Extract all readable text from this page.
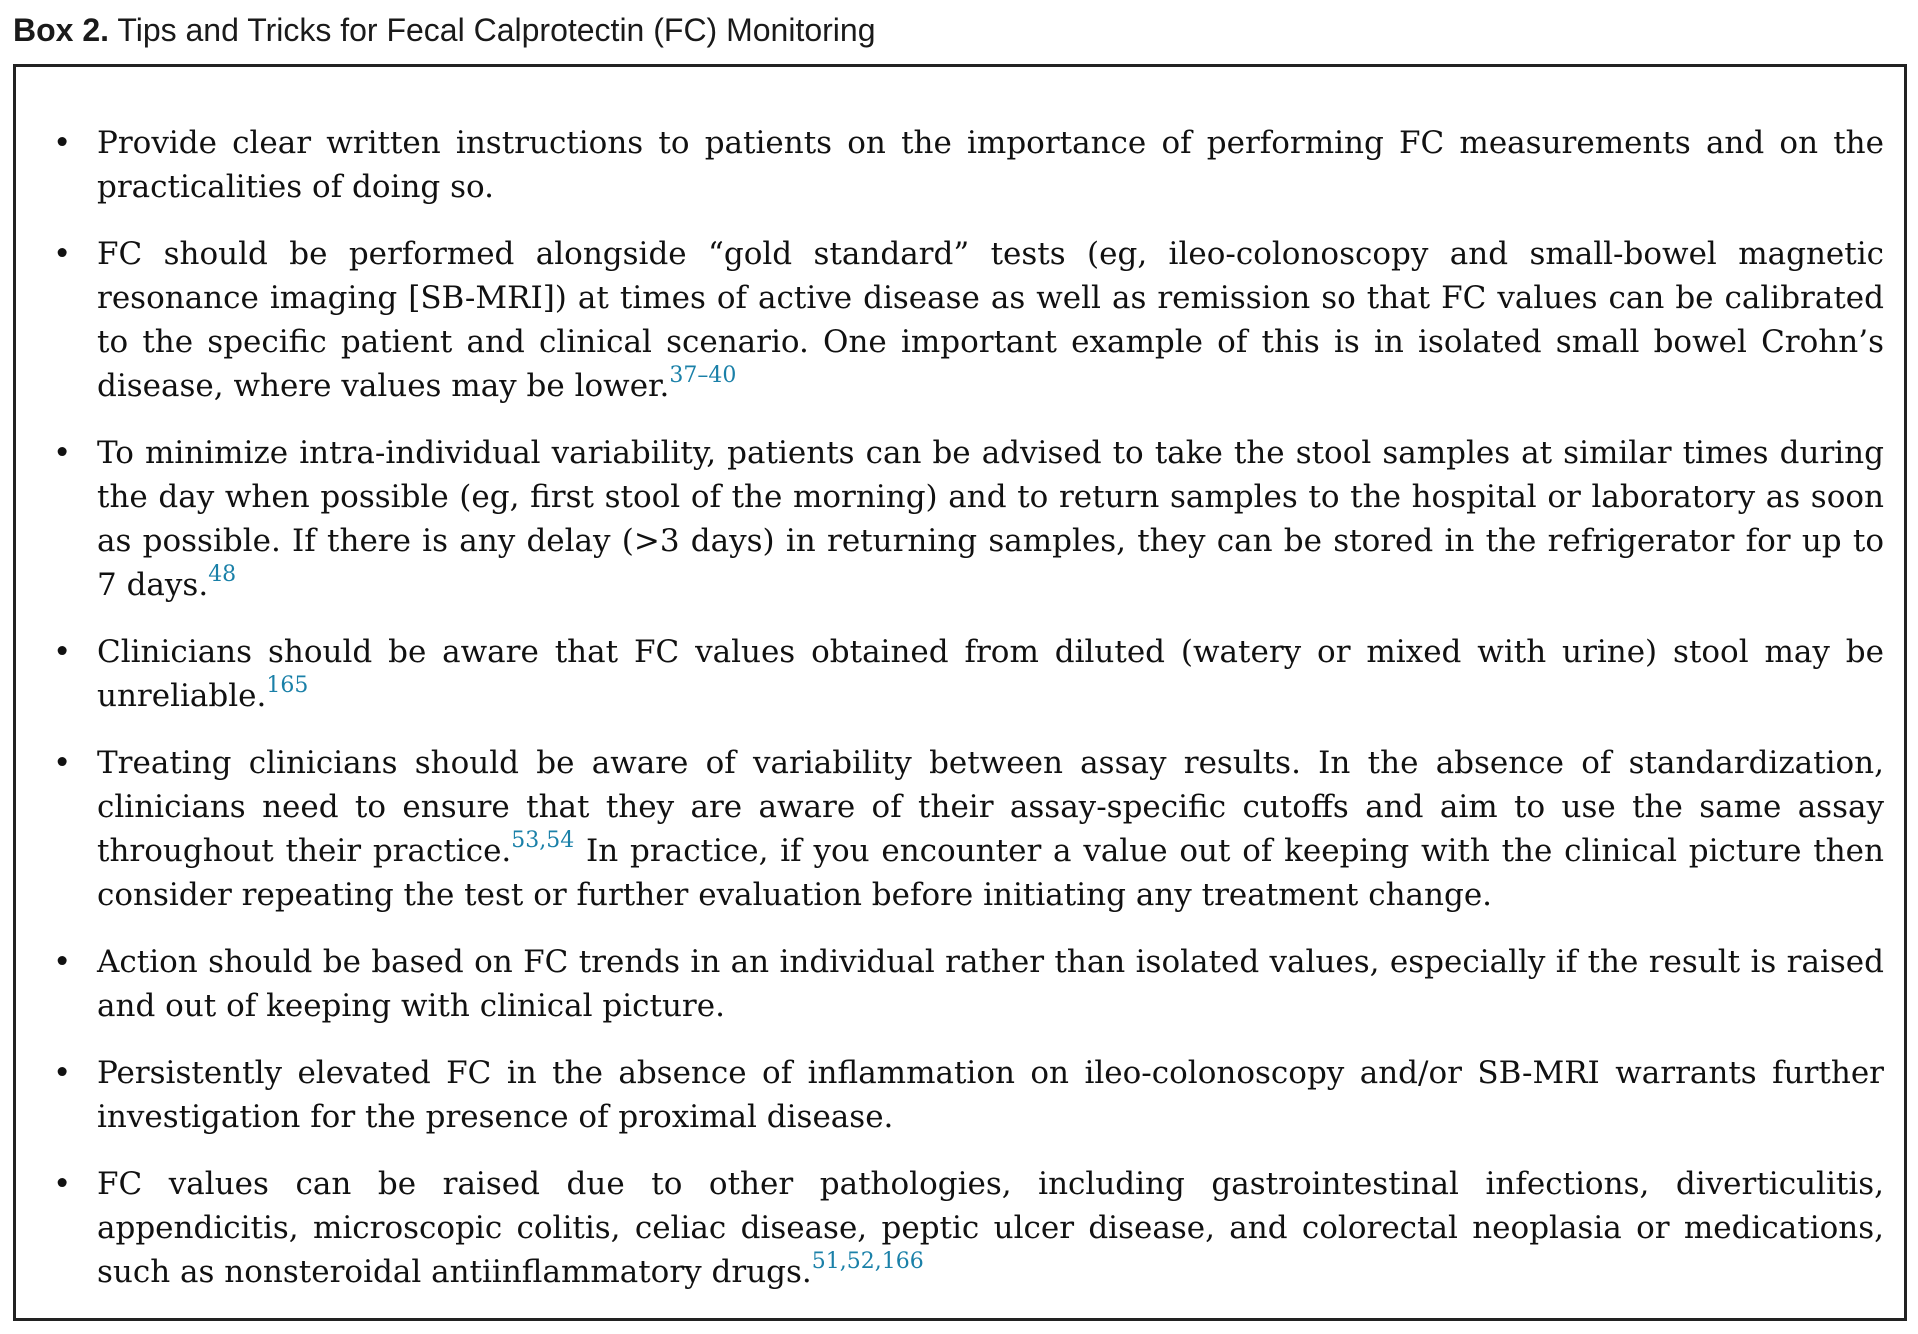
Box 2. Tips and Tricks for Fecal Calprotectin (FC) Monitoring
• Provide clear written instructions to patients on the importance of performing FC measurements and on the practicalities of doing so.
• FC should be performed alongside “gold standard” tests (eg, ileo-colonoscopy and small-bowel magnetic resonance imaging [SB-MRI]) at times of active disease as well as remission so that FC values can be calibrated to the specific patient and clinical scenario. One important example of this is in isolated small bowel Crohn’s disease, where values may be lower.$^{37-40}$
• To minimize intra-individual variability, patients can be advised to take the stool samples at similar times during the day when possible (eg, first stool of the morning) and to return samples to the hospital or laboratory as soon as possible. If there is any delay (>3 days) in returning samples, they can be stored in the refrigerator for up to 7 days.$^{48}$
• Clinicians should be aware that FC values obtained from diluted (watery or mixed with urine) stool may be unreliable.$^{165}$
• Treating clinicians should be aware of variability between assay results. In the absence of standardization, clinicians need to ensure that they are aware of their assay-specific cutoffs and aim to use the same assay throughout their practice.$^{53,54}$ In practice, if you encounter a value out of keeping with the clinical picture then consider repeating the test or further evaluation before initiating any treatment change.
• Action should be based on FC trends in an individual rather than isolated values, especially if the result is raised and out of keeping with clinical picture.
• Persistently elevated FC in the absence of inflammation on ileo-colonoscopy and/or SB-MRI warrants further investigation for the presence of proximal disease.
• FC values can be raised due to other pathologies, including gastrointestinal infections, diverticulitis, appendicitis, microscopic colitis, celiac disease, peptic ulcer disease, and colorectal neoplasia or medications, such as nonsteroidal antiinflammatory drugs.$^{51,52,166}$
